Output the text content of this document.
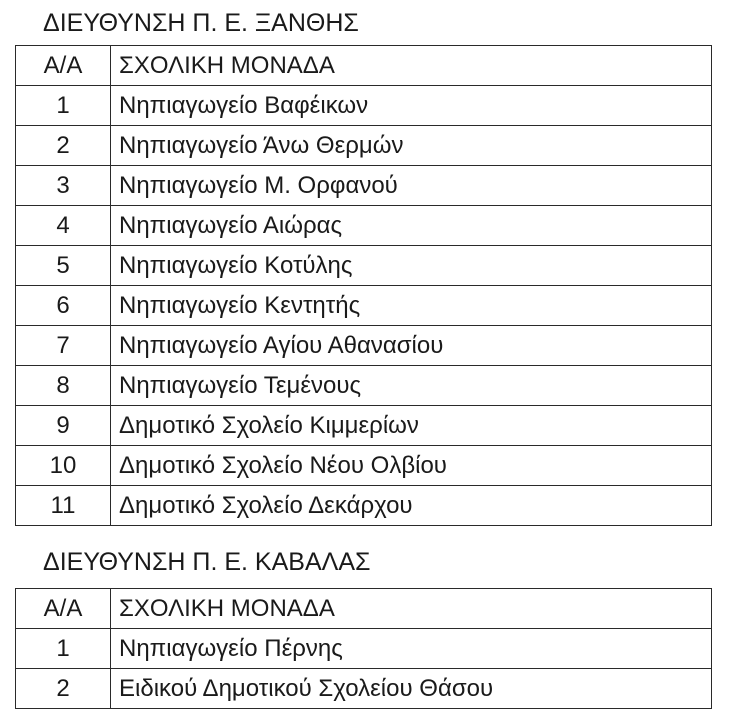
ΔΙΕΥΘΥΝΣΗ Π. Ε. ΞΑΝΘΗΣ
Α/Α	ΣΧΟΛΙΚΗ ΜΟΝΑΔΑ
1	Νηπιαγωγείο Βαφέικων
2	Νηπιαγωγείο Άνω Θερμών
3	Νηπιαγωγείο Μ. Ορφανού
4	Νηπιαγωγείο Αιώρας
5	Νηπιαγωγείο Κοτύλης
6	Νηπιαγωγείο Κεντητής
7	Νηπιαγωγείο Αγίου Αθανασίου
8	Νηπιαγωγείο Τεμένους
9	Δημοτικό Σχολείο Κιμμερίων
10	Δημοτικό Σχολείο Νέου Ολβίου
11	Δημοτικό Σχολείο Δεκάρχου
ΔΙΕΥΘΥΝΣΗ Π. Ε. ΚΑΒΑΛΑΣ
Α/Α	ΣΧΟΛΙΚΗ ΜΟΝΑΔΑ
1	Νηπιαγωγείο Πέρνης
2	Ειδικού Δημοτικού Σχολείου Θάσου
